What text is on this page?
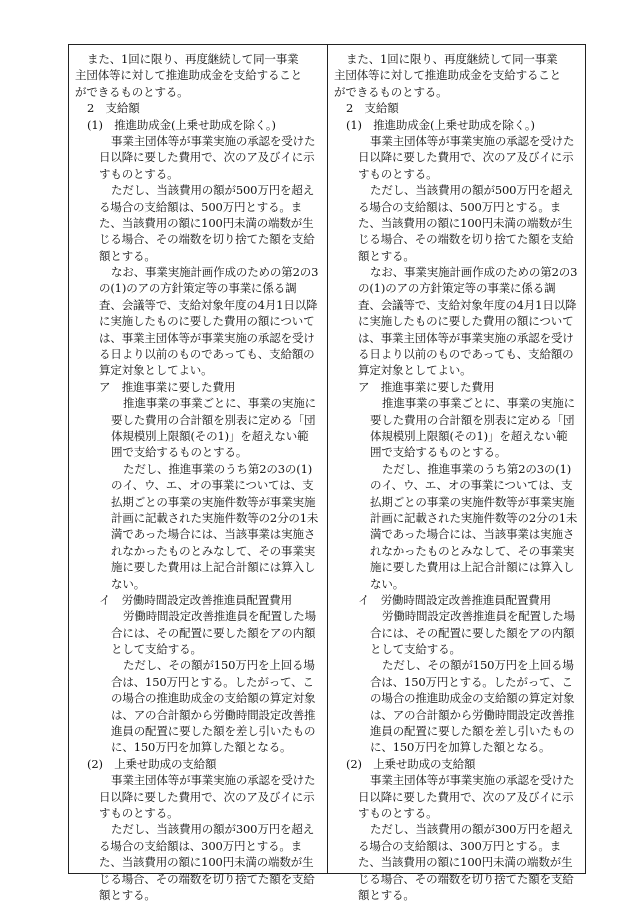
また、1回に限り、再度継続して同一事業
主団体等に対して推進助成金を支給すること
ができるものとする。
2　支給額
(1)　推進助成金(上乗せ助成を除く。)
事業主団体等が事業実施の承認を受けた
日以降に要した費用で、次のア及びイに示
すものとする。
ただし、当該費用の額が500万円を超え
る場合の支給額は、500万円とする。ま
た、当該費用の額に100円未満の端数が生
じる場合、その端数を切り捨てた額を支給
額とする。
なお、事業実施計画作成のための第2の3
の(1)のアの方針策定等の事業に係る調
査、会議等で、支給対象年度の4月1日以降
に実施したものに要した費用の額について
は、事業主団体等が事業実施の承認を受け
る日より以前のものであっても、支給額の
算定対象としてよい。
ア　推進事業に要した費用
推進事業の事業ごとに、事業の実施に
要した費用の合計額を別表に定める「団
体規模別上限額(その1)」を超えない範
囲で支給するものとする。
ただし、推進事業のうち第2の3の(1)
のイ、ウ、エ、オの事業については、支
払期ごとの事業の実施件数等が事業実施
計画に記載された実施件数等の2分の1未
満であった場合には、当該事業は実施さ
れなかったものとみなして、その事業実
施に要した費用は上記合計額には算入し
ない。
イ　労働時間設定改善推進員配置費用
労働時間設定改善推進員を配置した場
合には、その配置に要した額をアの内額
として支給する。
ただし、その額が150万円を上回る場
合は、150万円とする。したがって、こ
の場合の推進助成金の支給額の算定対象
は、アの合計額から労働時間設定改善推
進員の配置に要した額を差し引いたもの
に、150万円を加算した額となる。
(2)　上乗せ助成の支給額
事業主団体等が事業実施の承認を受けた
日以降に要した費用で、次のア及びイに示
すものとする。
ただし、当該費用の額が300万円を超え
る場合の支給額は、300万円とする。ま
た、当該費用の額に100円未満の端数が生
じる場合、その端数を切り捨てた額を支給
額とする。
また、1回に限り、再度継続して同一事業
主団体等に対して推進助成金を支給すること
ができるものとする。
2　支給額
(1)　推進助成金(上乗せ助成を除く。)
事業主団体等が事業実施の承認を受けた
日以降に要した費用で、次のア及びイに示
すものとする。
ただし、当該費用の額が500万円を超え
る場合の支給額は、500万円とする。ま
た、当該費用の額に100円未満の端数が生
じる場合、その端数を切り捨てた額を支給
額とする。
なお、事業実施計画作成のための第2の3
の(1)のアの方針策定等の事業に係る調
査、会議等で、支給対象年度の4月1日以降
に実施したものに要した費用の額について
は、事業主団体等が事業実施の承認を受け
る日より以前のものであっても、支給額の
算定対象としてよい。
ア　推進事業に要した費用
推進事業の事業ごとに、事業の実施に
要した費用の合計額を別表に定める「団
体規模別上限額(その1)」を超えない範
囲で支給するものとする。
ただし、推進事業のうち第2の3の(1)
のイ、ウ、エ、オの事業については、支
払期ごとの事業の実施件数等が事業実施
計画に記載された実施件数等の2分の1未
満であった場合には、当該事業は実施さ
れなかったものとみなして、その事業実
施に要した費用は上記合計額には算入し
ない。
イ　労働時間設定改善推進員配置費用
労働時間設定改善推進員を配置した場
合には、その配置に要した額をアの内額
として支給する。
ただし、その額が150万円を上回る場
合は、150万円とする。したがって、こ
の場合の推進助成金の支給額の算定対象
は、アの合計額から労働時間設定改善推
進員の配置に要した額を差し引いたもの
に、150万円を加算した額となる。
(2)　上乗せ助成の支給額
事業主団体等が事業実施の承認を受けた
日以降に要した費用で、次のア及びイに示
すものとする。
ただし、当該費用の額が300万円を超え
る場合の支給額は、300万円とする。ま
た、当該費用の額に100円未満の端数が生
じる場合、その端数を切り捨てた額を支給
額とする。
